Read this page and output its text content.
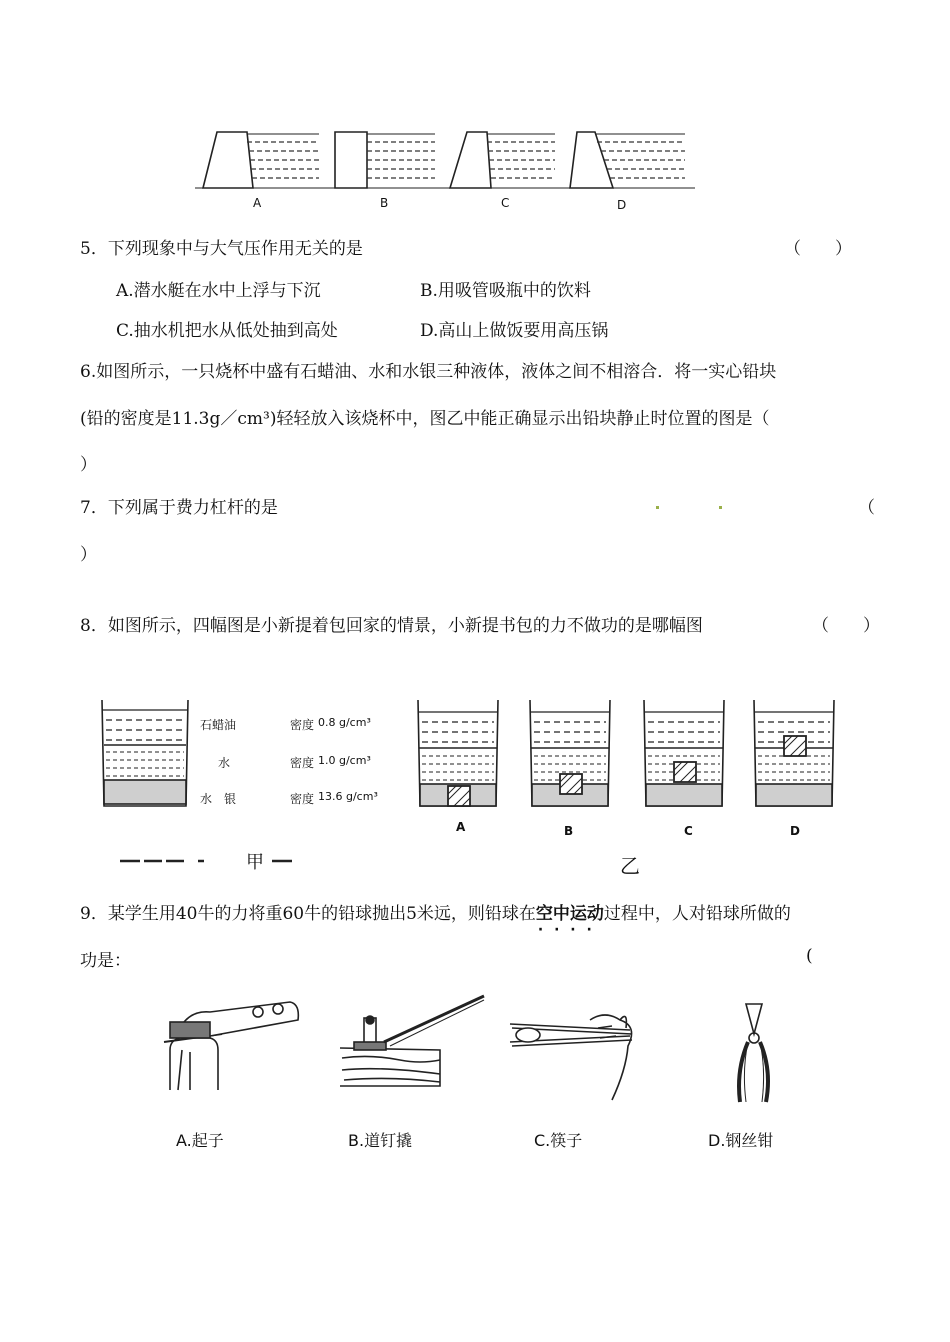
A	B	C	D
5．下列现象中与大气压作用无关的是	（　　）
A.潜水艇在水中上浮与下沉	B.用吸管吸瓶中的饮料
C.抽水机把水从低处抽到高处	D.高山上做饭要用高压锅
6.如图所示，一只烧杯中盛有石蜡油、水和水银三种液体，液体之间不相溶合．将一实心铅块
(铅的密度是11.3g／cm³)轻轻放入该烧杯中，图乙中能正确显示出铅块静止时位置的图是（
）
7．下列属于费力杠杆的是	（
）
8．如图所示，四幅图是小新提着包回家的情景，小新提书包的力不做功的是哪幅图	（　　）
石蜡油	密度 0.8 g/cm³
水	密度 1.0 g/cm³
水　银	密度 13.6 g/cm³
A	B	C	D
甲	乙
9．某学生用40牛的力将重60牛的铅球抛出5米远，则铅球在空中运动 · · · ·过程中，人对铅球所做的
功是：	(
A.起子	B.道钉撬	C.筷子	D.钢丝钳
